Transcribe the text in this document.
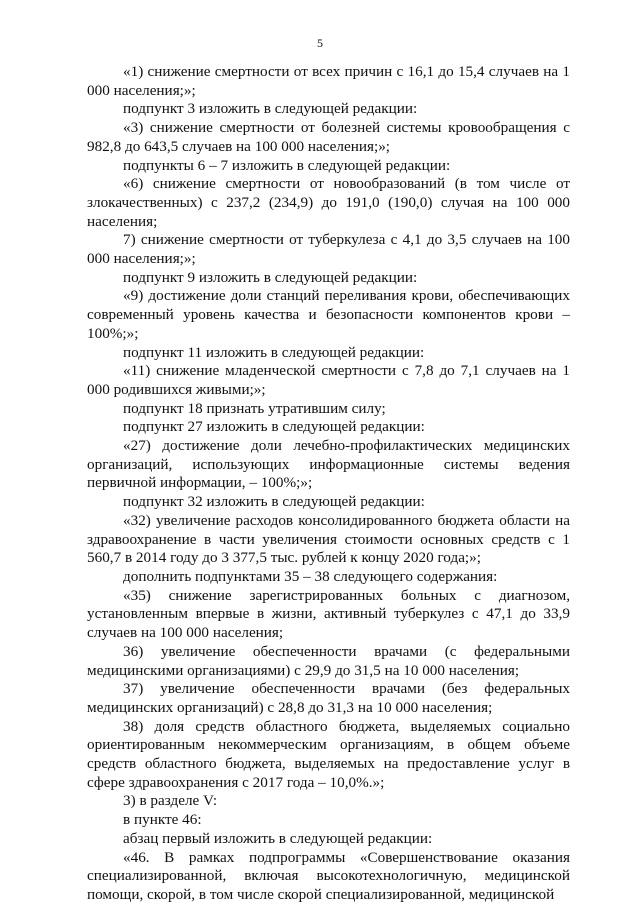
5

«1) снижение смертности от всех причин с 16,1 до 15,4 случаев на 1 000 населения;»;

подпункт 3 изложить в следующей редакции:

«3) снижение смертности от болезней системы кровообращения с 982,8 до 643,5 случаев на 100 000 населения;»;

подпункты 6 – 7 изложить в следующей редакции:

«6) снижение смертности от новообразований (в том числе от злокачественных) с 237,2 (234,9) до 191,0 (190,0) случая на 100 000 населения;

7) снижение смертности от туберкулеза с 4,1 до 3,5 случаев на 100 000 населения;»;

подпункт 9 изложить в следующей редакции:

«9) достижение доли станций переливания крови, обеспечивающих современный уровень качества и безопасности компонентов крови – 100%;»;

подпункт 11 изложить в следующей редакции:

«11) снижение младенческой смертности с 7,8 до 7,1 случаев на 1 000 родившихся живыми;»;

подпункт 18 признать утратившим силу;

подпункт 27 изложить в следующей редакции:

«27) достижение доли лечебно-профилактических медицинских организаций, использующих информационные системы ведения первичной информации, – 100%;»;

подпункт 32 изложить в следующей редакции:

«32) увеличение расходов консолидированного бюджета области на здравоохранение в части увеличения стоимости основных средств с 1 560,7 в 2014 году до 3 377,5 тыс. рублей к концу 2020 года;»;

дополнить подпунктами 35 – 38 следующего содержания:

«35) снижение зарегистрированных больных с диагнозом, установленным впервые в жизни, активный туберкулез с 47,1 до 33,9 случаев на 100 000 населения;

36) увеличение обеспеченности врачами (с федеральными медицинскими организациями) с 29,9 до 31,5 на 10 000 населения;

37) увеличение обеспеченности врачами (без федеральных медицинских организаций) с 28,8 до 31,3 на 10 000 населения;

38) доля средств областного бюджета, выделяемых социально ориентированным некоммерческим организациям, в общем объеме средств областного бюджета, выделяемых на предоставление услуг в сфере здравоохранения с 2017 года – 10,0%.»;

3) в разделе V:

в пункте 46:

абзац первый изложить в следующей редакции:

«46. В рамках подпрограммы «Совершенствование оказания специализированной, включая высокотехнологичную, медицинской помощи, скорой, в том числе скорой специализированной, медицинской
